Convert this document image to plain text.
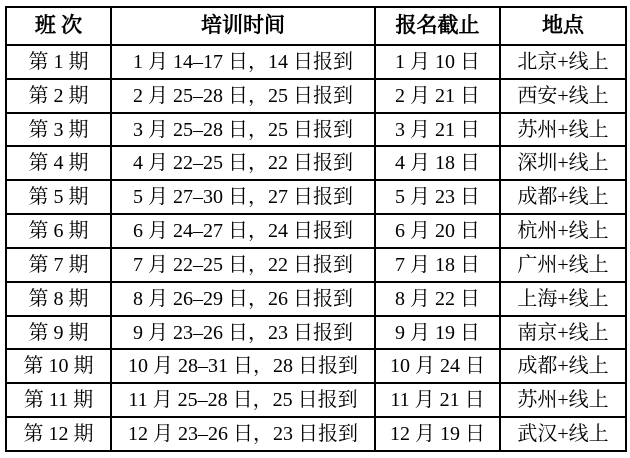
班 次	培训时间	报名截止	地点
第 1 期	1 月 14–17 日，14 日报到	1 月 10 日	北京+线上
第 2 期	2 月 25–28 日，25 日报到	2 月 21 日	西安+线上
第 3 期	3 月 25–28 日，25 日报到	3 月 21 日	苏州+线上
第 4 期	4 月 22–25 日，22 日报到	4 月 18 日	深圳+线上
第 5 期	5 月 27–30 日，27 日报到	5 月 23 日	成都+线上
第 6 期	6 月 24–27 日，24 日报到	6 月 20 日	杭州+线上
第 7 期	7 月 22–25 日，22 日报到	7 月 18 日	广州+线上
第 8 期	8 月 26–29 日，26 日报到	8 月 22 日	上海+线上
第 9 期	9 月 23–26 日，23 日报到	9 月 19 日	南京+线上
第 10 期	10 月 28–31 日，28 日报到	10 月 24 日	成都+线上
第 11 期	11 月 25–28 日，25 日报到	11 月 21 日	苏州+线上
第 12 期	12 月 23–26 日，23 日报到	12 月 19 日	武汉+线上
